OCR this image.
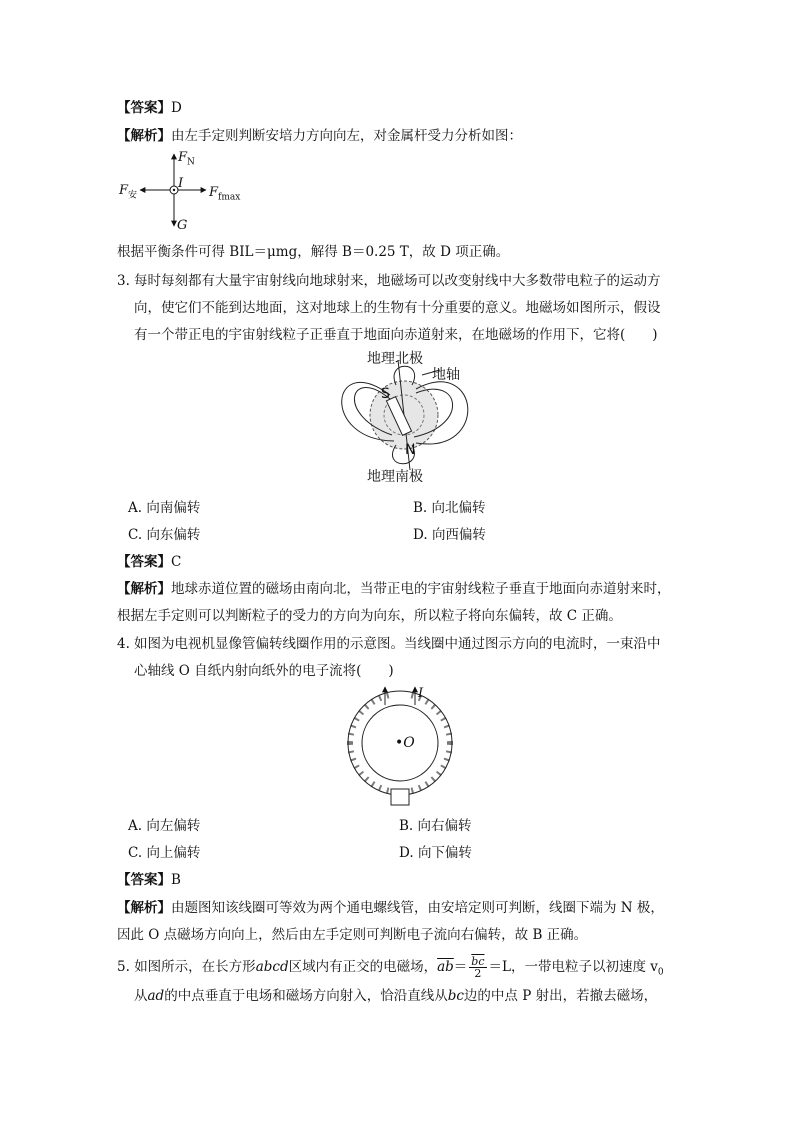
【答案】D
【解析】由左手定则判断安培力方向向左，对金属杆受力分析如图：
$F_N$
I
$F_安$	$F_{fmax}$
G
根据平衡条件可得 BIL＝μmg，解得 B＝0.25 T，故 D 项正确。
3. 每时每刻都有大量宇宙射线向地球射来，地磁场可以改变射线中大多数带电粒子的运动方
向，使它们不能到达地面，这对地球上的生物有十分重要的意义。地磁场如图所示，假设
有一个带正电的宇宙射线粒子正垂直于地面向赤道射来，在地磁场的作用下，它将(　　)
地理北极
地轴
S
N
地理南极
A. 向南偏转	B. 向北偏转
C. 向东偏转	D. 向西偏转
【答案】C
【解析】地球赤道位置的磁场由南向北，当带正电的宇宙射线粒子垂直于地面向赤道射来时，
根据左手定则可以判断粒子的受力的方向为向东，所以粒子将向东偏转，故 C 正确。
4. 如图为电视机显像管偏转线圈作用的示意图。当线圈中通过图示方向的电流时，一束沿中
心轴线 O 自纸内射向纸外的电子流将(　　)
I
•O
A. 向左偏转	B. 向右偏转
C. 向上偏转	D. 向下偏转
【答案】B
【解析】由题图知该线圈可等效为两个通电螺线管，由安培定则可判断，线圈下端为 N 极，
因此 O 点磁场方向向上，然后由左手定则可判断电子流向右偏转，故 B 正确。
5. 如图所示，在长方形abcd区域内有正交的电磁场，$\overline{ab}= \frac{\overline{bc}}{2} =L$，一带电粒子以初速度 $v_0$
从ad的中点垂直于电场和磁场方向射入，恰沿直线从bc边的中点 P 射出，若撤去磁场，
